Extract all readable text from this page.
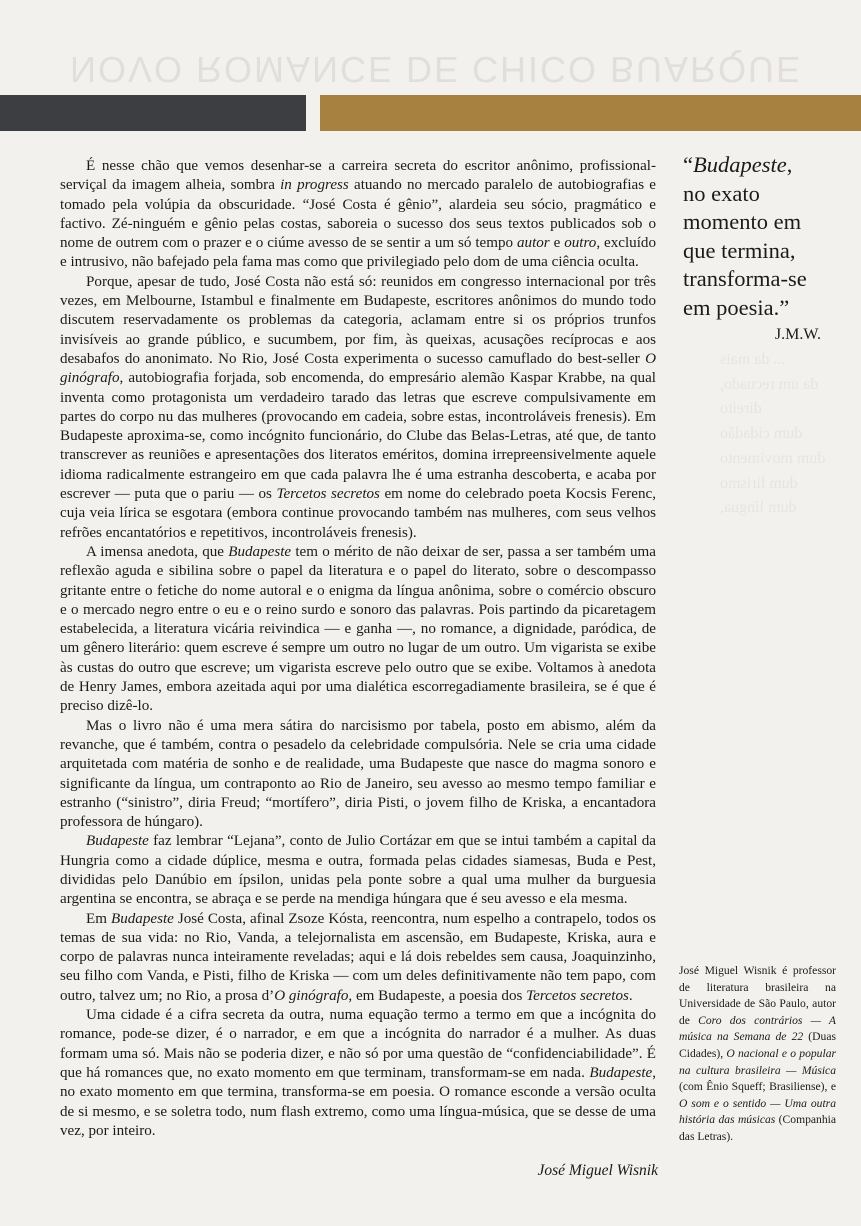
NOVO ROMANCE DE CHICO BUARQUE

É nesse chão que vemos desenhar-se a carreira secreta do escritor anônimo, profissional-serviçal da imagem alheia, sombra in progress atuando no mercado paralelo de autobiografias e tomado pela volúpia da obscuridade. “José Costa é gênio”, alardeia seu sócio, pragmático e factivo. Zé-ninguém e gênio pelas costas, saboreia o sucesso dos seus textos publicados sob o nome de outrem com o prazer e o ciúme avesso de se sentir a um só tempo autor e outro, excluído e intrusivo, não bafejado pela fama mas como que privilegiado pelo dom de uma ciência oculta.

Porque, apesar de tudo, José Costa não está só: reunidos em congresso internacional por três vezes, em Melbourne, Istambul e finalmente em Budapeste, escritores anônimos do mundo todo discutem reservadamente os problemas da categoria, aclamam entre si os próprios trunfos invisíveis ao grande público, e sucumbem, por fim, às queixas, acusações recíprocas e aos desabafos do anonimato. No Rio, José Costa experimenta o sucesso camuflado do best-seller O ginógrafo, autobiografia forjada, sob encomenda, do empresário alemão Kaspar Krabbe, na qual inventa como protagonista um verdadeiro tarado das letras que escreve compulsivamente em partes do corpo nu das mulheres (provocando em cadeia, sobre estas, incontroláveis frenesis). Em Budapeste aproxima-se, como incógnito funcionário, do Clube das Belas-Letras, até que, de tanto transcrever as reuniões e apresentações dos literatos eméritos, domina irrepreensivelmente aquele idioma radicalmente estrangeiro em que cada palavra lhe é uma estranha descoberta, e acaba por escrever — puta que o pariu — os Tercetos secretos em nome do celebrado poeta Kocsis Ferenc, cuja veia lírica se esgotara (embora continue provocando também nas mulheres, com seus velhos refrões encantatórios e repetitivos, incontroláveis frenesis).

A imensa anedota, que Budapeste tem o mérito de não deixar de ser, passa a ser também uma reflexão aguda e sibilina sobre o papel da literatura e o papel do literato, sobre o descompasso gritante entre o fetiche do nome autoral e o enigma da língua anônima, sobre o comércio obscuro e o mercado negro entre o eu e o reino surdo e sonoro das palavras. Pois partindo da picaretagem estabelecida, a literatura vicária reivindica — e ganha —, no romance, a dignidade, paródica, de um gênero literário: quem escreve é sempre um outro no lugar de um outro. Um vigarista se exibe às custas do outro que escreve; um vigarista escreve pelo outro que se exibe. Voltamos à anedota de Henry James, embora azeitada aqui por uma dialética escorregadiamente brasileira, se é que é preciso dizê-lo.

Mas o livro não é uma mera sátira do narcisismo por tabela, posto em abismo, além da revanche, que é também, contra o pesadelo da celebridade compulsória. Nele se cria uma cidade arquitetada com matéria de sonho e de realidade, uma Budapeste que nasce do magma sonoro e significante da língua, um contraponto ao Rio de Janeiro, seu avesso ao mesmo tempo familiar e estranho (“sinistro”, diria Freud; “mortífero”, diria Pisti, o jovem filho de Kriska, a encantadora professora de húngaro).

Budapeste faz lembrar “Lejana”, conto de Julio Cortázar em que se intui também a capital da Hungria como a cidade dúplice, mesma e outra, formada pelas cidades siamesas, Buda e Pest, divididas pelo Danúbio em ípsilon, unidas pela ponte sobre a qual uma mulher da burguesia argentina se encontra, se abraça e se perde na mendiga húngara que é seu avesso e ela mesma.

Em Budapeste José Costa, afinal Zsoze Kósta, reencontra, num espelho a contrapelo, todos os temas de sua vida: no Rio, Vanda, a telejornalista em ascensão, em Budapeste, Kriska, aura e corpo de palavras nunca inteiramente reveladas; aqui e lá dois rebeldes sem causa, Joaquinzinho, seu filho com Vanda, e Pisti, filho de Kriska — com um deles definitivamente não tem papo, com outro, talvez um; no Rio, a prosa d’O ginógrafo, em Budapeste, a poesia dos Tercetos secretos.

Uma cidade é a cifra secreta da outra, numa equação termo a termo em que a incógnita do romance, pode-se dizer, é o narrador, e em que a incógnita do narrador é a mulher. As duas formam uma só. Mais não se poderia dizer, e não só por uma questão de “confidenciabilidade”. É que há romances que, no exato momento em que terminam, transformam-se em nada. Budapeste, no exato momento em que termina, transforma-se em poesia. O romance esconde a versão oculta de si mesmo, e se soletra todo, num flash extremo, como uma língua-música, que se desse de uma vez, por inteiro.

José Miguel Wisnik
“Budapeste,
no exato
momento em
que termina,
transforma-se
em poesia.”
J.M.W.
... da mais
da um recuado,
direito
dum cidadão
dum movimento
dum lirismo
dum língua,
José Miguel Wisnik é professor de literatura brasileira na Universidade de São Paulo, autor de Coro dos contrários — A música na Semana de 22 (Duas Cidades), O nacional e o popular na cultura brasileira — Música (com Ênio Squeff; Brasiliense), e O som e o sentido — Uma outra história das músicas (Companhia das Letras).
